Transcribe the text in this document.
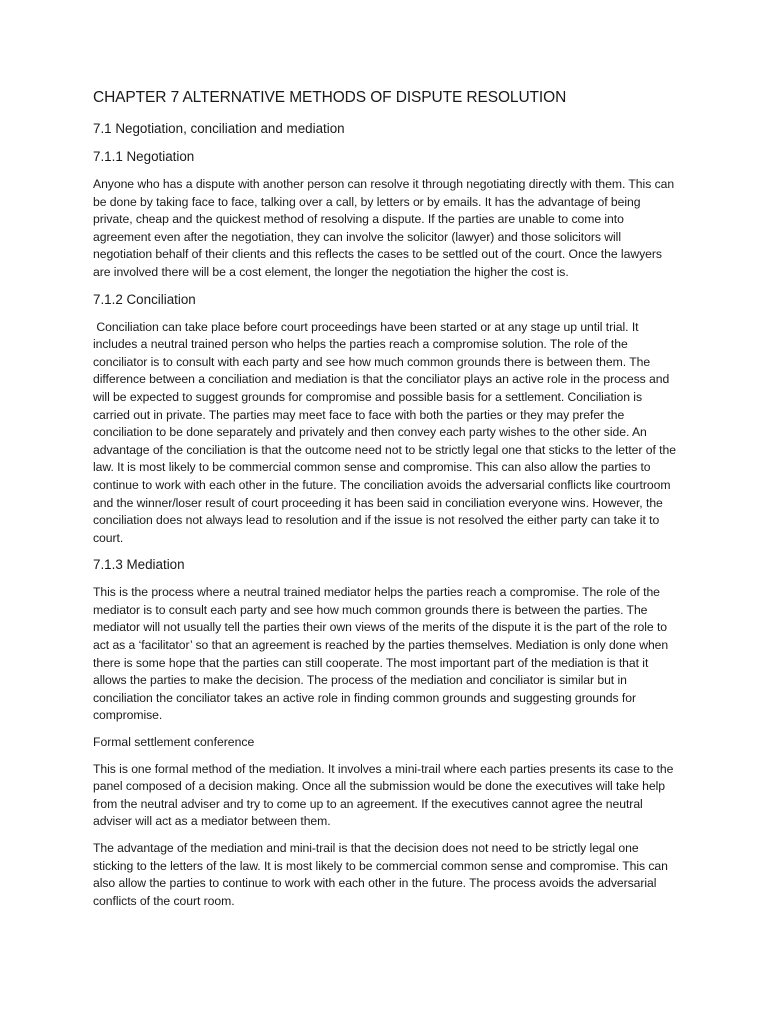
CHAPTER 7 ALTERNATIVE METHODS OF DISPUTE RESOLUTION
7.1 Negotiation, conciliation and mediation
7.1.1 Negotiation

Anyone who has a dispute with another person can resolve it through negotiating directly with them. This can be done by taking face to face, talking over a call, by letters or by emails. It has the advantage of being private, cheap and the quickest method of resolving a dispute. If the parties are unable to come into agreement even after the negotiation, they can involve the solicitor (lawyer) and those solicitors will negotiation behalf of their clients and this reflects the cases to be settled out of the court. Once the lawyers are involved there will be a cost element, the longer the negotiation the higher the cost is.

7.1.2 Conciliation

Conciliation can take place before court proceedings have been started or at any stage up until trial. It includes a neutral trained person who helps the parties reach a compromise solution. The role of the conciliator is to consult with each party and see how much common grounds there is between them. The difference between a conciliation and mediation is that the conciliator plays an active role in the process and will be expected to suggest grounds for compromise and possible basis for a settlement. Conciliation is carried out in private. The parties may meet face to face with both the parties or they may prefer the conciliation to be done separately and privately and then convey each party wishes to the other side. An advantage of the conciliation is that the outcome need not to be strictly legal one that sticks to the letter of the law. It is most likely to be commercial common sense and compromise. This can also allow the parties to continue to work with each other in the future. The conciliation avoids the adversarial conflicts like courtroom and the winner/loser result of court proceeding it has been said in conciliation everyone wins. However, the conciliation does not always lead to resolution and if the issue is not resolved the either party can take it to court.

7.1.3 Mediation

This is the process where a neutral trained mediator helps the parties reach a compromise. The role of the mediator is to consult each party and see how much common grounds there is between the parties. The mediator will not usually tell the parties their own views of the merits of the dispute it is the part of the role to act as a ‘facilitator’ so that an agreement is reached by the parties themselves. Mediation is only done when there is some hope that the parties can still cooperate. The most important part of the mediation is that it allows the parties to make the decision. The process of the mediation and conciliator is similar but in conciliation the conciliator takes an active role in finding common grounds and suggesting grounds for compromise.

Formal settlement conference

This is one formal method of the mediation. It involves a mini-trail where each parties presents its case to the panel composed of a decision making. Once all the submission would be done the executives will take help from the neutral adviser and try to come up to an agreement. If the executives cannot agree the neutral adviser will act as a mediator between them.

The advantage of the mediation and mini-trail is that the decision does not need to be strictly legal one sticking to the letters of the law. It is most likely to be commercial common sense and compromise. This can also allow the parties to continue to work with each other in the future. The process avoids the adversarial conflicts of the court room.
